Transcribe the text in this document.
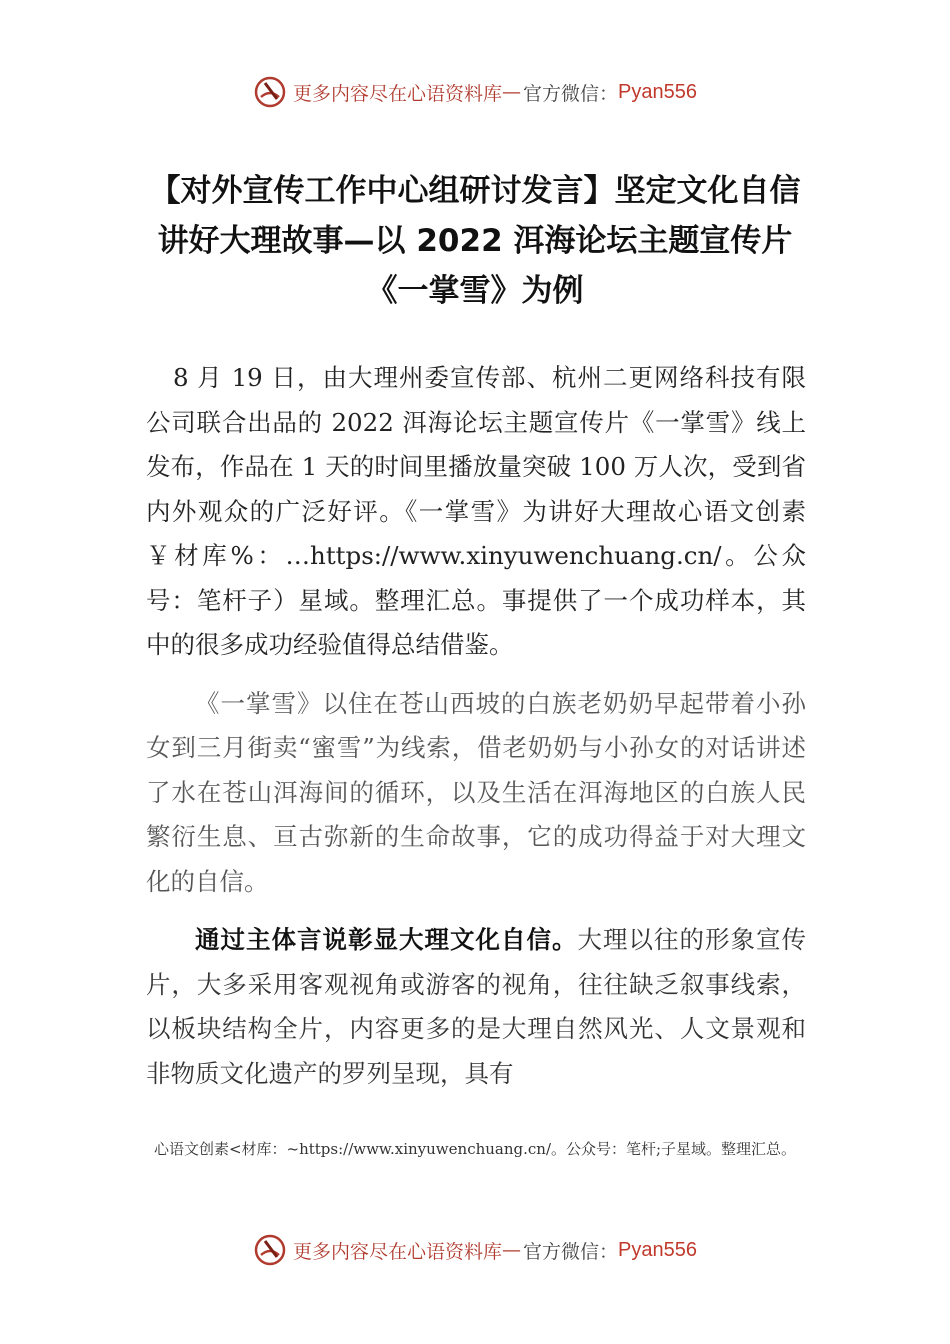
更多内容尽在心语资料库 — 官方微信： Pyan556
【对外宣传工作中心组研讨发言】坚定文化自信 讲好大理故事—以 2022 洱海论坛主题宣传片《一掌雪》为例

8 月 19 日，由大理州委宣传部、杭州二更网络科技有限公司联合出品的 2022 洱海论坛主题宣传片《一掌雪》线上发布，作品在 1 天的时间里播放量突破 100 万人次，受到省内外观众的广泛好评。《一掌雪》为讲好大理故心语文创素￥材库%：…https://www.xinyuwenchuang.cn/。公众号：笔杆子）星域。整理汇总。事提供了一个成功样本，其中的很多成功经验值得总结借鉴。

《一掌雪》以住在苍山西坡的白族老奶奶早起带着小孙女到三月街卖“蜜雪”为线索，借老奶奶与小孙女的对话讲述了水在苍山洱海间的循环，以及生活在洱海地区的白族人民繁衍生息、亘古弥新的生命故事，它的成功得益于对大理文化的自信。

通过主体言说彰显大理文化自信。大理以往的形象宣传片，大多采用客观视角或游客的视角，往往缺乏叙事线索，以板块结构全片，内容更多的是大理自然风光、人文景观和非物质文化遗产的罗列呈现，具有

心语文创素<材库：~https://www.xinyuwenchuang.cn/。公众号：笔杆;子星域。整理汇总。
更多内容尽在心语资料库 — 官方微信： Pyan556
